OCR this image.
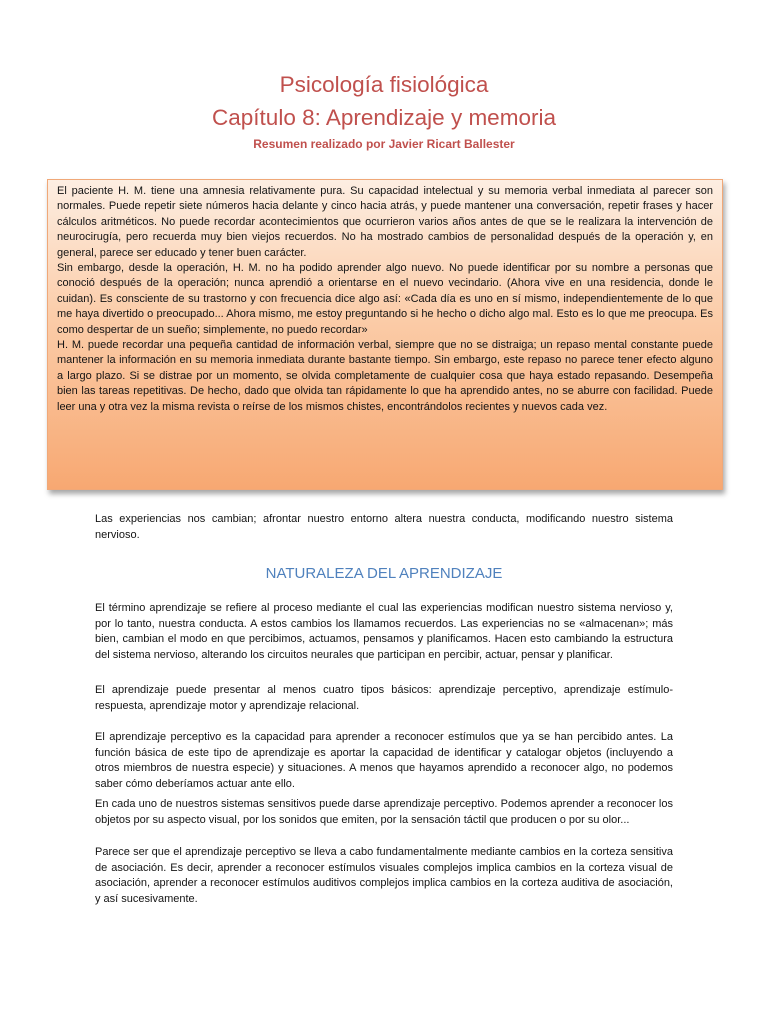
Psicología fisiológica
Capítulo 8: Aprendizaje y memoria
Resumen realizado por Javier Ricart Ballester

El paciente H. M. tiene una amnesia relativamente pura. Su capacidad intelectual y su memoria verbal inmediata al parecer son normales. Puede repetir siete números hacia delante y cinco hacia atrás, y puede mantener una conversación, repetir frases y hacer cálculos aritméticos. No puede recordar acontecimientos que ocurrieron varios años antes de que se le realizara la intervención de neurocirugía, pero recuerda muy bien viejos recuerdos. No ha mostrado cambios de personalidad después de la operación y, en general, parece ser educado y tener buen carácter.

Sin embargo, desde la operación, H. M. no ha podido aprender algo nuevo. No puede identificar por su nombre a personas que conoció después de la operación; nunca aprendió a orientarse en el nuevo vecindario. (Ahora vive en una residencia, donde le cuidan). Es consciente de su trastorno y con frecuencia dice algo así: «Cada día es uno en sí mismo, independientemente de lo que me haya divertido o preocupado... Ahora mismo, me estoy preguntando si he hecho o dicho algo mal. Esto es lo que me preocupa. Es como despertar de un sueño; simplemente, no puedo recordar»

H. M. puede recordar una pequeña cantidad de información verbal, siempre que no se distraiga; un repaso mental constante puede mantener la información en su memoria inmediata durante bastante tiempo. Sin embargo, este repaso no parece tener efecto alguno a largo plazo. Si se distrae por un momento, se olvida completamente de cualquier cosa que haya estado repasando. Desempeña bien las tareas repetitivas. De hecho, dado que olvida tan rápidamente lo que ha aprendido antes, no se aburre con facilidad. Puede leer una y otra vez la misma revista o reírse de los mismos chistes, encontrándolos recientes y nuevos cada vez.

Las experiencias nos cambian; afrontar nuestro entorno altera nuestra conducta, modificando nuestro sistema nervioso.

NATURALEZA DEL APRENDIZAJE

El término aprendizaje se refiere al proceso mediante el cual las experiencias modifican nuestro sistema nervioso y, por lo tanto, nuestra conducta. A estos cambios los llamamos recuerdos. Las experiencias no se «almacenan»; más bien, cambian el modo en que percibimos, actuamos, pensamos y planificamos. Hacen esto cambiando la estructura del sistema nervioso, alterando los circuitos neurales que participan en percibir, actuar, pensar y planificar.

El aprendizaje puede presentar al menos cuatro tipos básicos: aprendizaje perceptivo, aprendizaje estímulo-respuesta, aprendizaje motor y aprendizaje relacional.

El aprendizaje perceptivo es la capacidad para aprender a reconocer estímulos que ya se han percibido antes. La función básica de este tipo de aprendizaje es aportar la capacidad de identificar y catalogar objetos (incluyendo a otros miembros de nuestra especie) y situaciones. A menos que hayamos aprendido a reconocer algo, no podemos saber cómo deberíamos actuar ante ello.

En cada uno de nuestros sistemas sensitivos puede darse aprendizaje perceptivo. Podemos aprender a reconocer los objetos por su aspecto visual, por los sonidos que emiten, por la sensación táctil que producen o por su olor...

Parece ser que el aprendizaje perceptivo se lleva a cabo fundamentalmente mediante cambios en la corteza sensitiva de asociación. Es decir, aprender a reconocer estímulos visuales complejos implica cambios en la corteza visual de asociación, aprender a reconocer estímulos auditivos complejos implica cambios en la corteza auditiva de asociación, y así sucesivamente.
